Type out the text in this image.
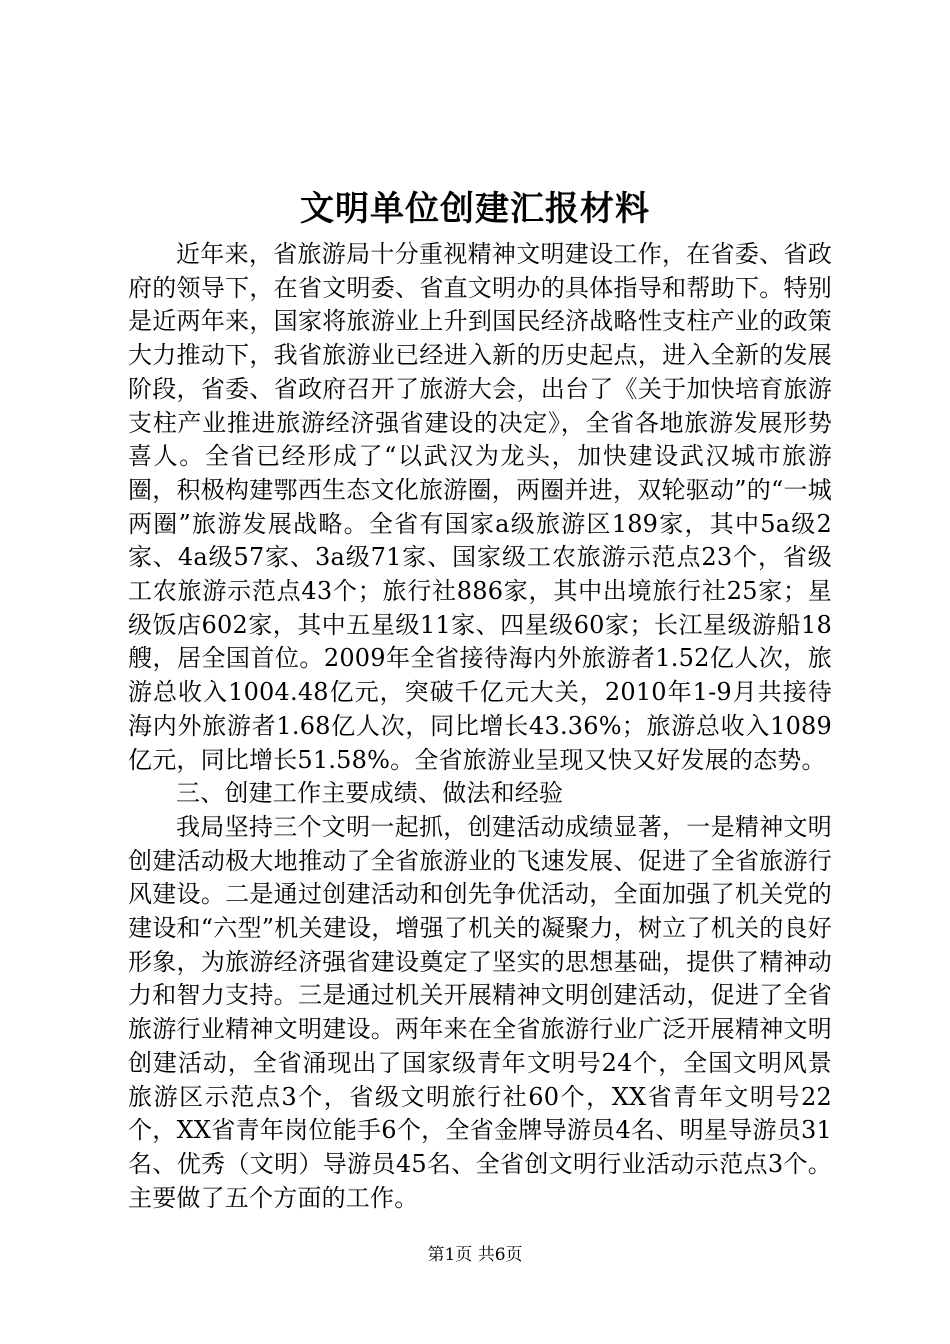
文明单位创建汇报材料

近年来，省旅游局十分重视精神文明建设工作，在省委、省政府的领导下，在省文明委、省直文明办的具体指导和帮助下。特别是近两年来，国家将旅游业上升到国民经济战略性支柱产业的政策大力推动下，我省旅游业已经进入新的历史起点，进入全新的发展阶段，省委、省政府召开了旅游大会，出台了《关于加快培育旅游支柱产业推进旅游经济强省建设的决定》，全省各地旅游发展形势喜人。全省已经形成了“以武汉为龙头，加快建设武汉城市旅游圈，积极构建鄂西生态文化旅游圈，两圈并进，双轮驱动”的“一城两圈”旅游发展战略。全省有国家a级旅游区189家，其中5a级2家、4a级57家、3a级71家、国家级工农旅游示范点23个，省级工农旅游示范点43个；旅行社886家，其中出境旅行社25家；星级饭店602家，其中五星级11家、四星级60家；长江星级游船18艘，居全国首位。2009年全省接待海内外旅游者1.52亿人次，旅游总收入1004.48亿元，突破千亿元大关，2010年1-9月共接待海内外旅游者1.68亿人次，同比增长43.36%；旅游总收入1089亿元，同比增长51.58%。全省旅游业呈现又快又好发展的态势。

三、创建工作主要成绩、做法和经验

我局坚持三个文明一起抓，创建活动成绩显著，一是精神文明创建活动极大地推动了全省旅游业的飞速发展、促进了全省旅游行风建设。二是通过创建活动和创先争优活动，全面加强了机关党的建设和“六型”机关建设，增强了机关的凝聚力，树立了机关的良好形象，为旅游经济强省建设奠定了坚实的思想基础，提供了精神动力和智力支持。三是通过机关开展精神文明创建活动，促进了全省旅游行业精神文明建设。两年来在全省旅游行业广泛开展精神文明创建活动，全省涌现出了国家级青年文明号24个，全国文明风景旅游区示范点3个，省级文明旅行社60个，XX省青年文明号22个，XX省青年岗位能手6个，全省金牌导游员4名、明星导游员31名、优秀（文明）导游员45名、全省创文明行业活动示范点3个。主要做了五个方面的工作。

第1页 共6页
